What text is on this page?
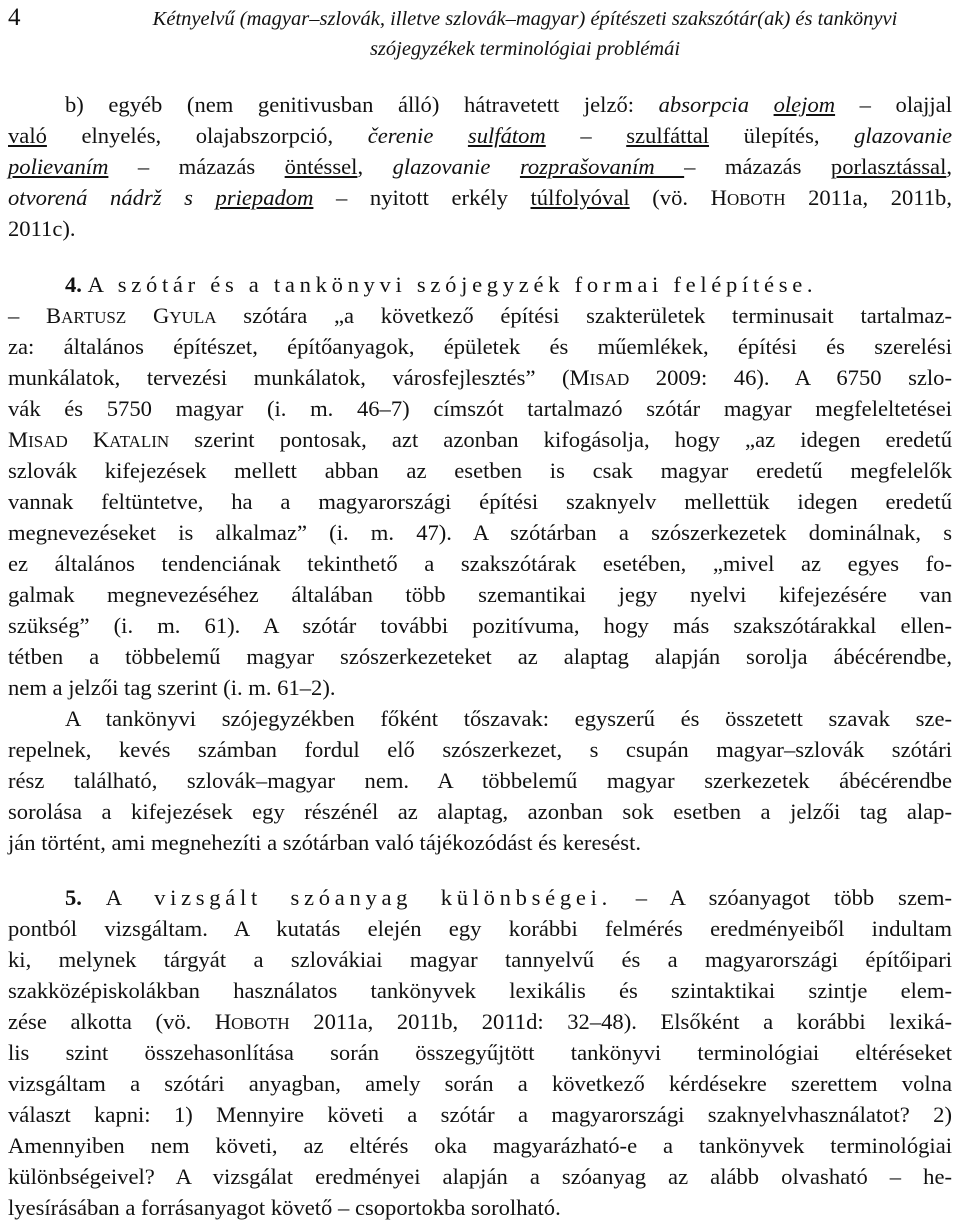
4	Kétnyelvű (magyar–szlovák, illetve szlovák–magyar) építészeti szakszótár(ak) és tankönyvi
szójegyzékek terminológiai problémái
b) egyéb (nem genitivusban álló) hátravetett jelző: absorpcia olejom – olajjal
való elnyelés, olajabszorpció, čerenie sulfátom – szulfáttal ülepítés, glazovanie
polievaním – mázazás öntéssel, glazovanie rozprašovaním – mázazás porlasztással,
otvorená nádrž s priepadom – nyitott erkély túlfolyóval (vö. HOBOTH 2011a, 2011b,
2011c).
4. A szótár és a tankönyvi szójegyzék formai felépítése.
– BARTUSZ GYULA szótára „a következő építési szakterületek terminusait tartalmaz-
za: általános építészet, építőanyagok, épületek és műemlékek, építési és szerelési
munkálatok, tervezési munkálatok, városfejlesztés” (MISAD 2009: 46). A 6750 szlo-
vák és 5750 magyar (i. m. 46–7) címszót tartalmazó szótár magyar megfeleltetései
MISAD KATALIN szerint pontosak, azt azonban kifogásolja, hogy „az idegen eredetű
szlovák kifejezések mellett abban az esetben is csak magyar eredetű megfelelők
vannak feltüntetve, ha a magyarországi építési szaknyelv mellettük idegen eredetű
megnevezéseket is alkalmaz” (i. m. 47). A szótárban a szószerkezetek dominálnak, s
ez általános tendenciának tekinthető a szakszótárak esetében, „mivel az egyes fo-
galmak megnevezéséhez általában több szemantikai jegy nyelvi kifejezésére van
szükség” (i. m. 61). A szótár további pozitívuma, hogy más szakszótárakkal ellen-
tétben a többelemű magyar szószerkezeteket az alaptag alapján sorolja ábécérendbe,
nem a jelzői tag szerint (i. m. 61–2).
A tankönyvi szójegyzékben főként tőszavak: egyszerű és összetett szavak sze-
repelnek, kevés számban fordul elő szószerkezet, s csupán magyar–szlovák szótári
rész található, szlovák–magyar nem. A többelemű magyar szerkezetek ábécérendbe
sorolása a kifejezések egy részénél az alaptag, azonban sok esetben a jelzői tag alap-
ján történt, ami megnehezíti a szótárban való tájékozódást és keresést.
5. A vizsgált szóanyag különbségei. – A szóanyagot több szem-
pontból vizsgáltam. A kutatás elején egy korábbi felmérés eredményeiből indultam
ki, melynek tárgyát a szlovákiai magyar tannyelvű és a magyarországi építőipari
szakközépiskolákban használatos tankönyvek lexikális és szintaktikai szintje elem-
zése alkotta (vö. HOBOTH 2011a, 2011b, 2011d: 32–48). Elsőként a korábbi lexiká-
lis szint összehasonlítása során összegyűjtött tankönyvi terminológiai eltéréseket
vizsgáltam a szótári anyagban, amely során a következő kérdésekre szerettem volna
választ kapni: 1) Mennyire követi a szótár a magyarországi szaknyelvhasználatot? 2)
Amennyiben nem követi, az eltérés oka magyarázható-e a tankönyvek terminológiai
különbségeivel? A vizsgálat eredményei alapján a szóanyag az alább olvasható – he-
lyesírásában a forrásanyagot követő – csoportokba sorolható.
